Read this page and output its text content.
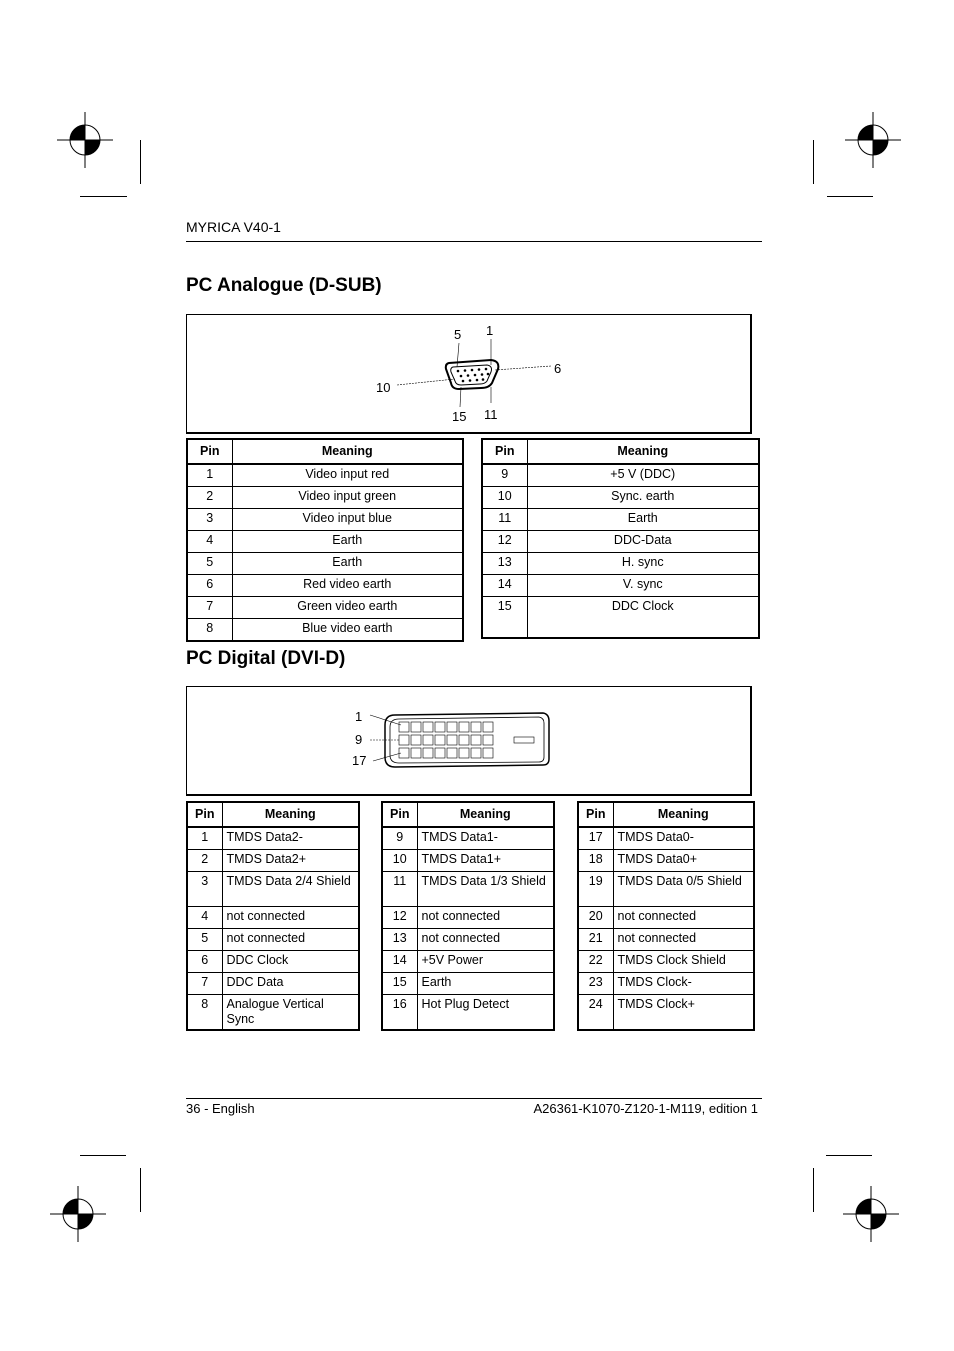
MYRICA V40-1
PC Analogue (D-SUB)
5 1
6
10
15 11
Pin	Meaning
1	Video input red
2	Video input green
3	Video input blue
4	Earth
5	Earth
6	Red video earth
7	Green video earth
8	Blue video earth
Pin	Meaning
9	+5 V (DDC)
10	Sync. earth
11	Earth
12	DDC-Data
13	H. sync
14	V. sync
15	DDC Clock
PC Digital (DVI-D)
1
9
17
Pin	Meaning
1	TMDS Data2-
2	TMDS Data2+
3	TMDS Data 2/4 Shield
4	not connected
5	not connected
6	DDC Clock
7	DDC Data
8	Analogue Vertical Sync
Pin	Meaning
9	TMDS Data1-
10	TMDS Data1+
11	TMDS Data 1/3 Shield
12	not connected
13	not connected
14	+5V Power
15	Earth
16	Hot Plug Detect
Pin	Meaning
17	TMDS Data0-
18	TMDS Data0+
19	TMDS Data 0/5 Shield
20	not connected
21	not connected
22	TMDS Clock Shield
23	TMDS Clock-
24	TMDS Clock+
36 - English	A26361-K1070-Z120-1-M119, edition 1
